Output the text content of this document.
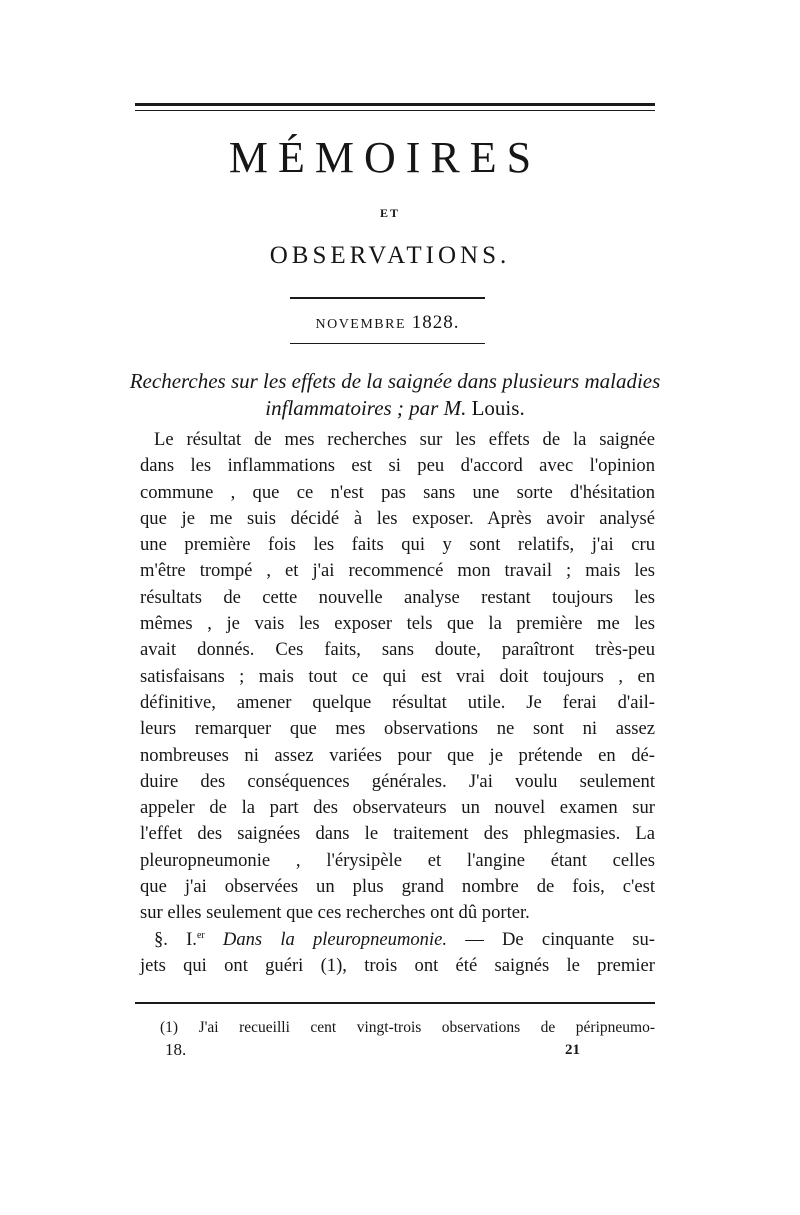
MÉMOIRES
ET
OBSERVATIONS.
NOVEMBRE 1828.
Recherches sur les effets de la saignée dans plusieurs maladies inflammatoires ; par M. Louis.
Le résultat de mes recherches sur les effets de la saignée
dans les inflammations est si peu d'accord avec l'opinion
commune , que ce n'est pas sans une sorte d'hésitation
que je me suis décidé à les exposer. Après avoir analysé
une première fois les faits qui y sont relatifs, j'ai cru
m'être trompé , et j'ai recommencé mon travail ; mais les
résultats de cette nouvelle analyse restant toujours les
mêmes , je vais les exposer tels que la première me les
avait donnés. Ces faits, sans doute, paraîtront très-peu
satisfaisans ; mais tout ce qui est vrai doit toujours , en
définitive, amener quelque résultat utile. Je ferai d'ail-
leurs remarquer que mes observations ne sont ni assez
nombreuses ni assez variées pour que je prétende en dé-
duire des conséquences générales. J'ai voulu seulement
appeler de la part des observateurs un nouvel examen sur
l'effet des saignées dans le traitement des phlegmasies. La
pleuropneumonie , l'érysipèle et l'angine étant celles
que j'ai observées un plus grand nombre de fois, c'est
sur elles seulement que ces recherches ont dû porter.
§. I.$^{er}$ Dans la pleuropneumonie. — De cinquante su-
jets qui ont guéri (1), trois ont été saignés le premier
(1) J'ai recueilli cent vingt-trois observations de péripneumo-
18.	21
